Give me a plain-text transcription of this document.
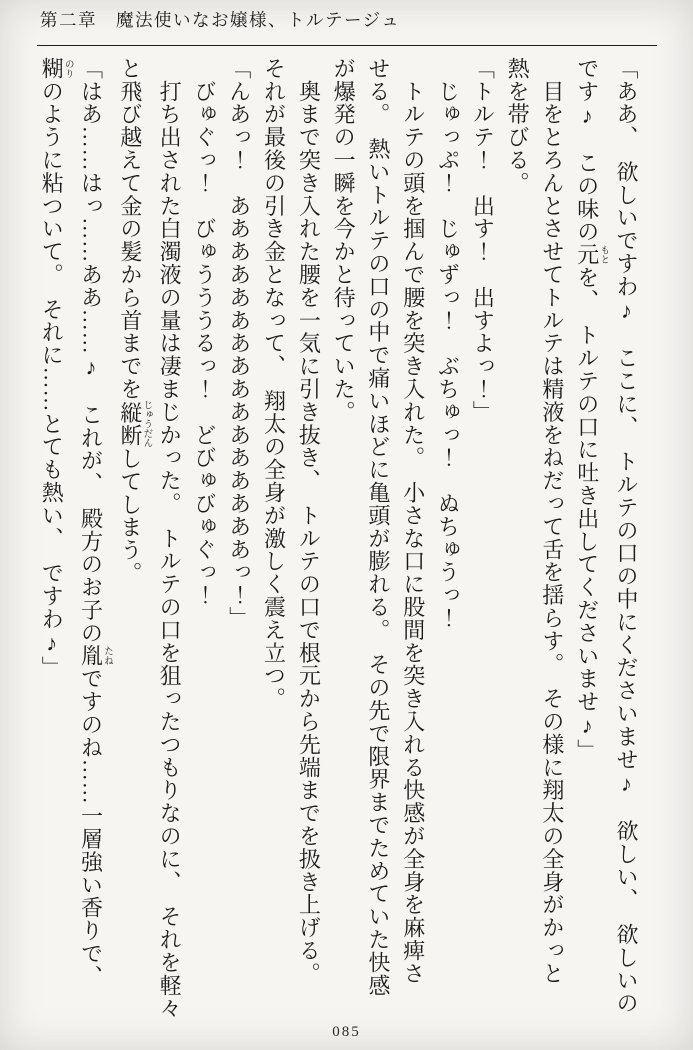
第二章　魔法使いなお嬢様、トルテージュ

「ああ、　欲しいですわ♪　ここに、　トルテの口の中にくださいませ♪　欲しい、　欲しいの

です♪　この味の元もとを、　トルテの口に吐き出してくださいませ♪」

　目をとろんとさせてトルテは精液をねだって舌を揺らす。　その様に翔太の全身がかっと

熱を帯びる。

「トルテ！　出す！　出すよっ！」

　じゅっぷ！　じゅずっ！　ぶちゅっ！　ぬちゅうっ！

　トルテの頭を掴んで腰を突き入れた。　小さな口に股間を突き入れる快感が全身を麻痺さ

せる。　熱いトルテの口の中で痛いほどに亀頭が膨れる。　その先で限界までためていた快感

が爆発の一瞬を今かと待っていた。

　奥まで突き入れた腰を一気に引き抜き、　トルテの口で根元から先端までを扱き上げる。

それが最後の引き金となって、　翔太の全身が激しく震え立つ。

「んあっ！　ああああああああああああああああっ！」

　びゅぐっ！　びゅうううるっ！　どびゅびゅぐっ！

　打ち出された白濁液の量は凄まじかった。　トルテの口を狙ったつもりなのに、　それを軽々

と飛び越えて金の髪から首までを縦断じゅうだんしてしまう。

「はあ……はっ……ああ……♪　これが、　殿方のお子の胤たねですのね……一層強い香りで、

糊のりのように粘ついて。　それに……とても熱い、　ですわ♪」

085
